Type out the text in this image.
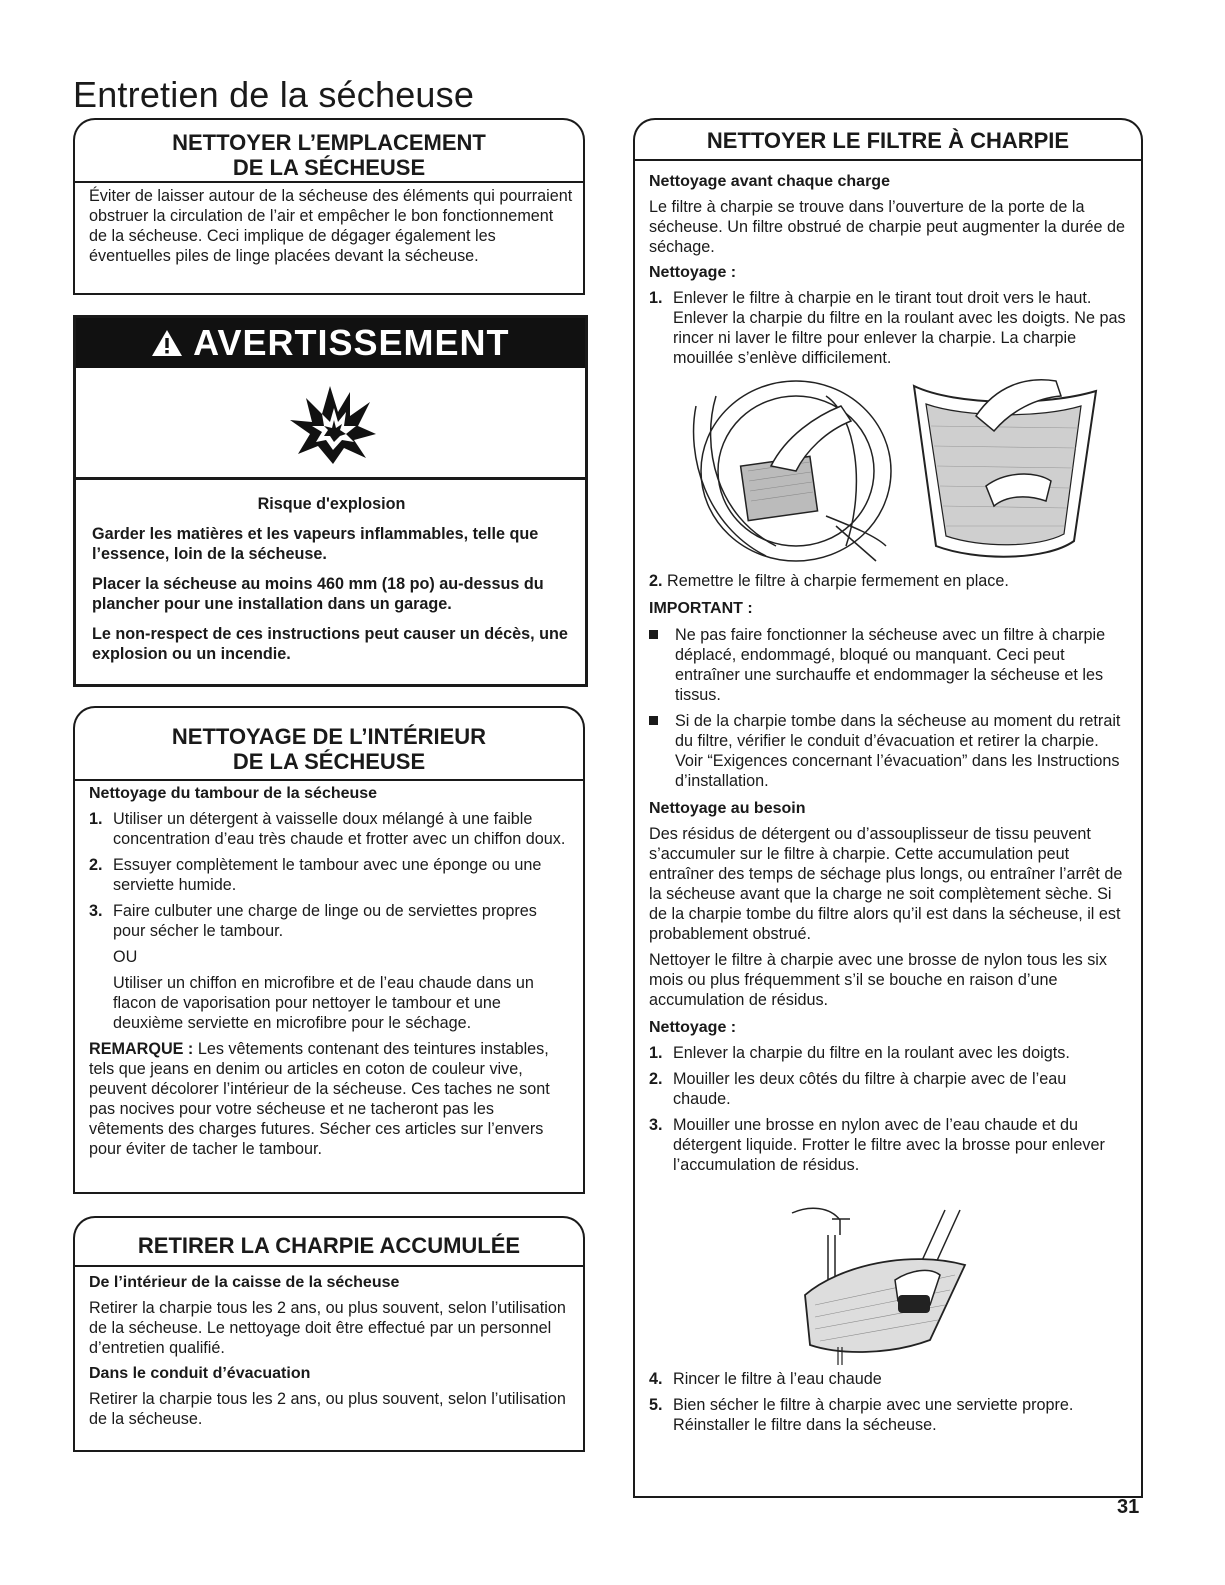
Entretien de la sécheuse
NETTOYER L’EMPLACEMENT
DE LA SÉCHEUSE
Éviter de laisser autour de la sécheuse des éléments qui pourraient obstruer la circulation de l’air et empêcher le bon fonctionnement de la sécheuse. Ceci implique de dégager également les éventuelles piles de linge placées devant la sécheuse.
AVERTISSEMENT

Risque d'explosion

Garder les matières et les vapeurs inflammables, telle que l’essence, loin de la sécheuse.

Placer la sécheuse au moins 460 mm (18 po) au-dessus du plancher pour une installation dans un garage.

Le non-respect de ces instructions peut causer un décès, une explosion ou un incendie.

NETTOYAGE DE L’INTÉRIEUR
DE LA SÉCHEUSE
Nettoyage du tambour de la sécheuse
1. Utiliser un détergent à vaisselle doux mélangé à une faible concentration d’eau très chaude et frotter avec un chiffon doux.
2. Essuyer complètement le tambour avec une éponge ou une serviette humide.
3. Faire culbuter une charge de linge ou de serviettes propres pour sécher le tambour.

OU

Utiliser un chiffon en microfibre et de l’eau chaude dans un flacon de vaporisation pour nettoyer le tambour et une deuxième serviette en microfibre pour le séchage.

REMARQUE : Les vêtements contenant des teintures instables, tels que jeans en denim ou articles en coton de couleur vive, peuvent décolorer l’intérieur de la sécheuse. Ces taches ne sont pas nocives pour votre sécheuse et ne tacheront pas les vêtements des charges futures. Sécher ces articles sur l’envers pour éviter de tacher le tambour.

RETIRER LA CHARPIE ACCUMULÉE
De l’intérieur de la caisse de la sécheuse

Retirer la charpie tous les 2 ans, ou plus souvent, selon l’utilisation de la sécheuse. Le nettoyage doit être effectué par un personnel d’entretien qualifié.

Dans le conduit d’évacuation

Retirer la charpie tous les 2 ans, ou plus souvent, selon l’utilisation de la sécheuse.

NETTOYER LE FILTRE À CHARPIE
Nettoyage avant chaque charge

Le filtre à charpie se trouve dans l’ouverture de la porte de la sécheuse. Un filtre obstrué de charpie peut augmenter la durée de séchage.

Nettoyage :
1. Enlever le filtre à charpie en le tirant tout droit vers le haut. Enlever la charpie du filtre en la roulant avec les doigts. Ne pas rincer ni laver le filtre pour enlever la charpie. La charpie mouillée s’enlève difficilement.

2. Remettre le filtre à charpie fermement en place.

IMPORTANT :
Ne pas faire fonctionner la sécheuse avec un filtre à charpie déplacé, endommagé, bloqué ou manquant. Ceci peut entraîner une surchauffe et endommager la sécheuse et les tissus.
Si de la charpie tombe dans la sécheuse au moment du retrait du filtre, vérifier le conduit d’évacuation et retirer la charpie. Voir “Exigences concernant l’évacuation” dans les Instructions d’installation.
Nettoyage au besoin

Des résidus de détergent ou d’assouplisseur de tissu peuvent s’accumuler sur le filtre à charpie. Cette accumulation peut entraîner des temps de séchage plus longs, ou entraîner l’arrêt de la sécheuse avant que la charge ne soit complètement sèche. Si de la charpie tombe du filtre alors qu’il est dans la sécheuse, il est probablement obstrué.

Nettoyer le filtre à charpie avec une brosse de nylon tous les six mois ou plus fréquemment s’il se bouche en raison d’une accumulation de résidus.

Nettoyage :
1. Enlever la charpie du filtre en la roulant avec les doigts.
2. Mouiller les deux côtés du filtre à charpie avec de l’eau chaude.
3. Mouiller une brosse en nylon avec de l’eau chaude et du détergent liquide. Frotter le filtre avec la brosse pour enlever l’accumulation de résidus.
4. Rincer le filtre à l’eau chaude
5. Bien sécher le filtre à charpie avec une serviette propre. Réinstaller le filtre dans la sécheuse.
31
